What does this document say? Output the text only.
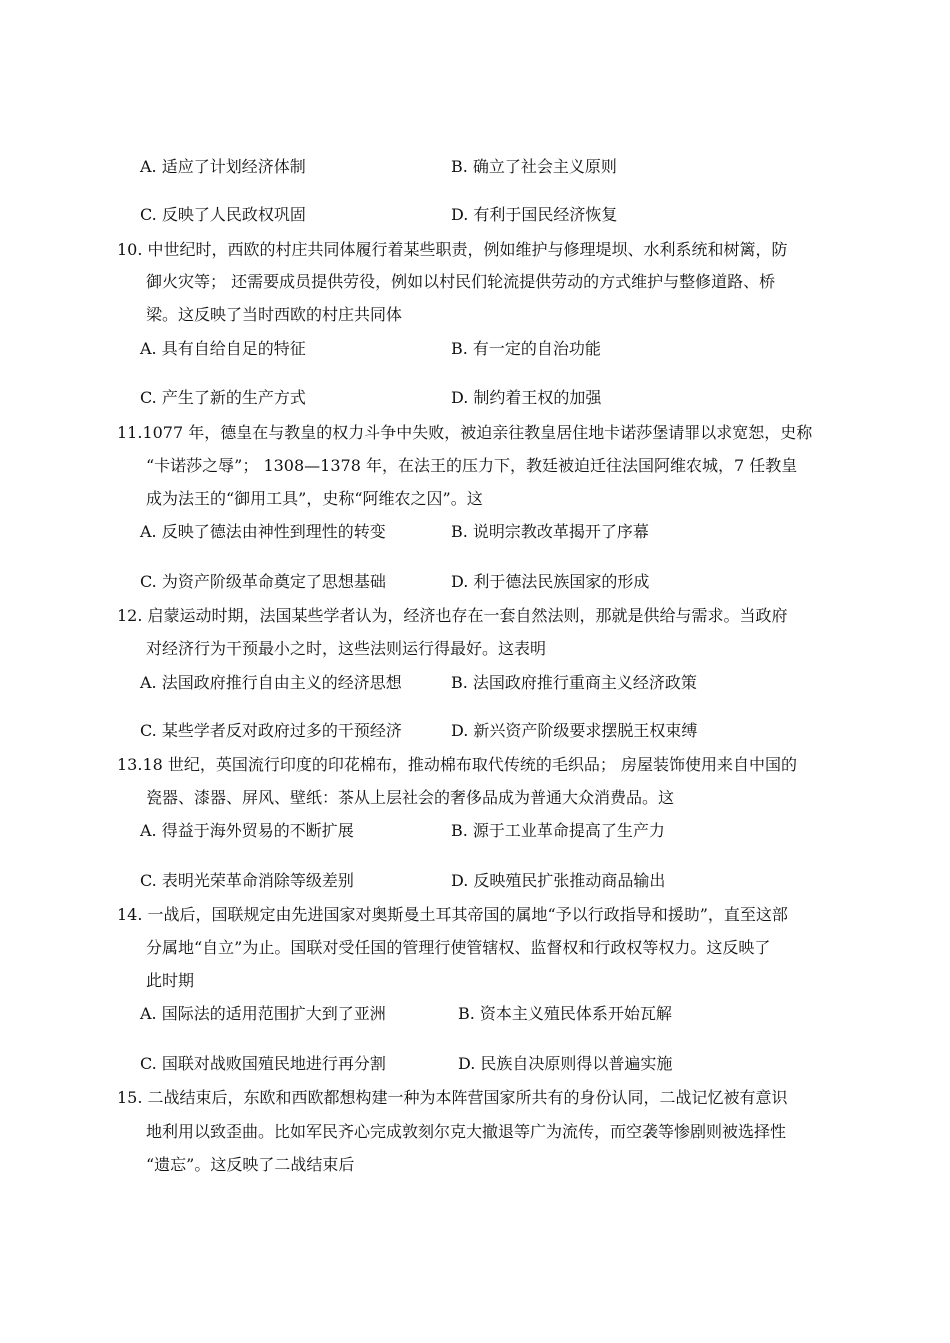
A. 适应了计划经济体制	B. 确立了社会主义原则
C. 反映了人民政权巩固	D. 有利于国民经济恢复
10. 中世纪时，西欧的村庄共同体履行着某些职责，例如维护与修理堤坝、水利系统和树篱，防
御火灾等； 还需要成员提供劳役，例如以村民们轮流提供劳动的方式维护与整修道路、桥
梁。这反映了当时西欧的村庄共同体
A. 具有自给自足的特征	B. 有一定的自治功能
C. 产生了新的生产方式	D. 制约着王权的加强
11.1077 年，德皇在与教皇的权力斗争中失败，被迫亲往教皇居住地卡诺莎堡请罪以求宽恕，史称
“卡诺莎之辱”； 1308—1378 年，在法王的压力下，教廷被迫迁往法国阿维农城，7 任教皇
成为法王的“御用工具”，史称“阿维农之囚”。这
A. 反映了德法由神性到理性的转变	B. 说明宗教改革揭开了序幕
C. 为资产阶级革命奠定了思想基础	D. 利于德法民族国家的形成
12. 启蒙运动时期，法国某些学者认为，经济也存在一套自然法则，那就是供给与需求。当政府
对经济行为干预最小之时，这些法则运行得最好。这表明
A. 法国政府推行自由主义的经济思想	B. 法国政府推行重商主义经济政策
C. 某些学者反对政府过多的干预经济	D. 新兴资产阶级要求摆脱王权束缚
13.18 世纪，英国流行印度的印花棉布，推动棉布取代传统的毛织品； 房屋装饰使用来自中国的
瓷器、漆器、屏风、壁纸：茶从上层社会的奢侈品成为普通大众消费品。这
A. 得益于海外贸易的不断扩展	B. 源于工业革命提高了生产力
C. 表明光荣革命消除等级差别	D. 反映殖民扩张推动商品输出
14. 一战后，国联规定由先进国家对奥斯曼土耳其帝国的属地“予以行政指导和援助”，直至这部
分属地“自立”为止。国联对受任国的管理行使管辖权、监督权和行政权等权力。这反映了
此时期
A. 国际法的适用范围扩大到了亚洲	B. 资本主义殖民体系开始瓦解
C. 国联对战败国殖民地进行再分割	D. 民族自决原则得以普遍实施
15. 二战结束后，东欧和西欧都想构建一种为本阵营国家所共有的身份认同，二战记忆被有意识
地利用以致歪曲。比如军民齐心完成敦刻尔克大撤退等广为流传，而空袭等惨剧则被选择性
“遗忘”。这反映了二战结束后
